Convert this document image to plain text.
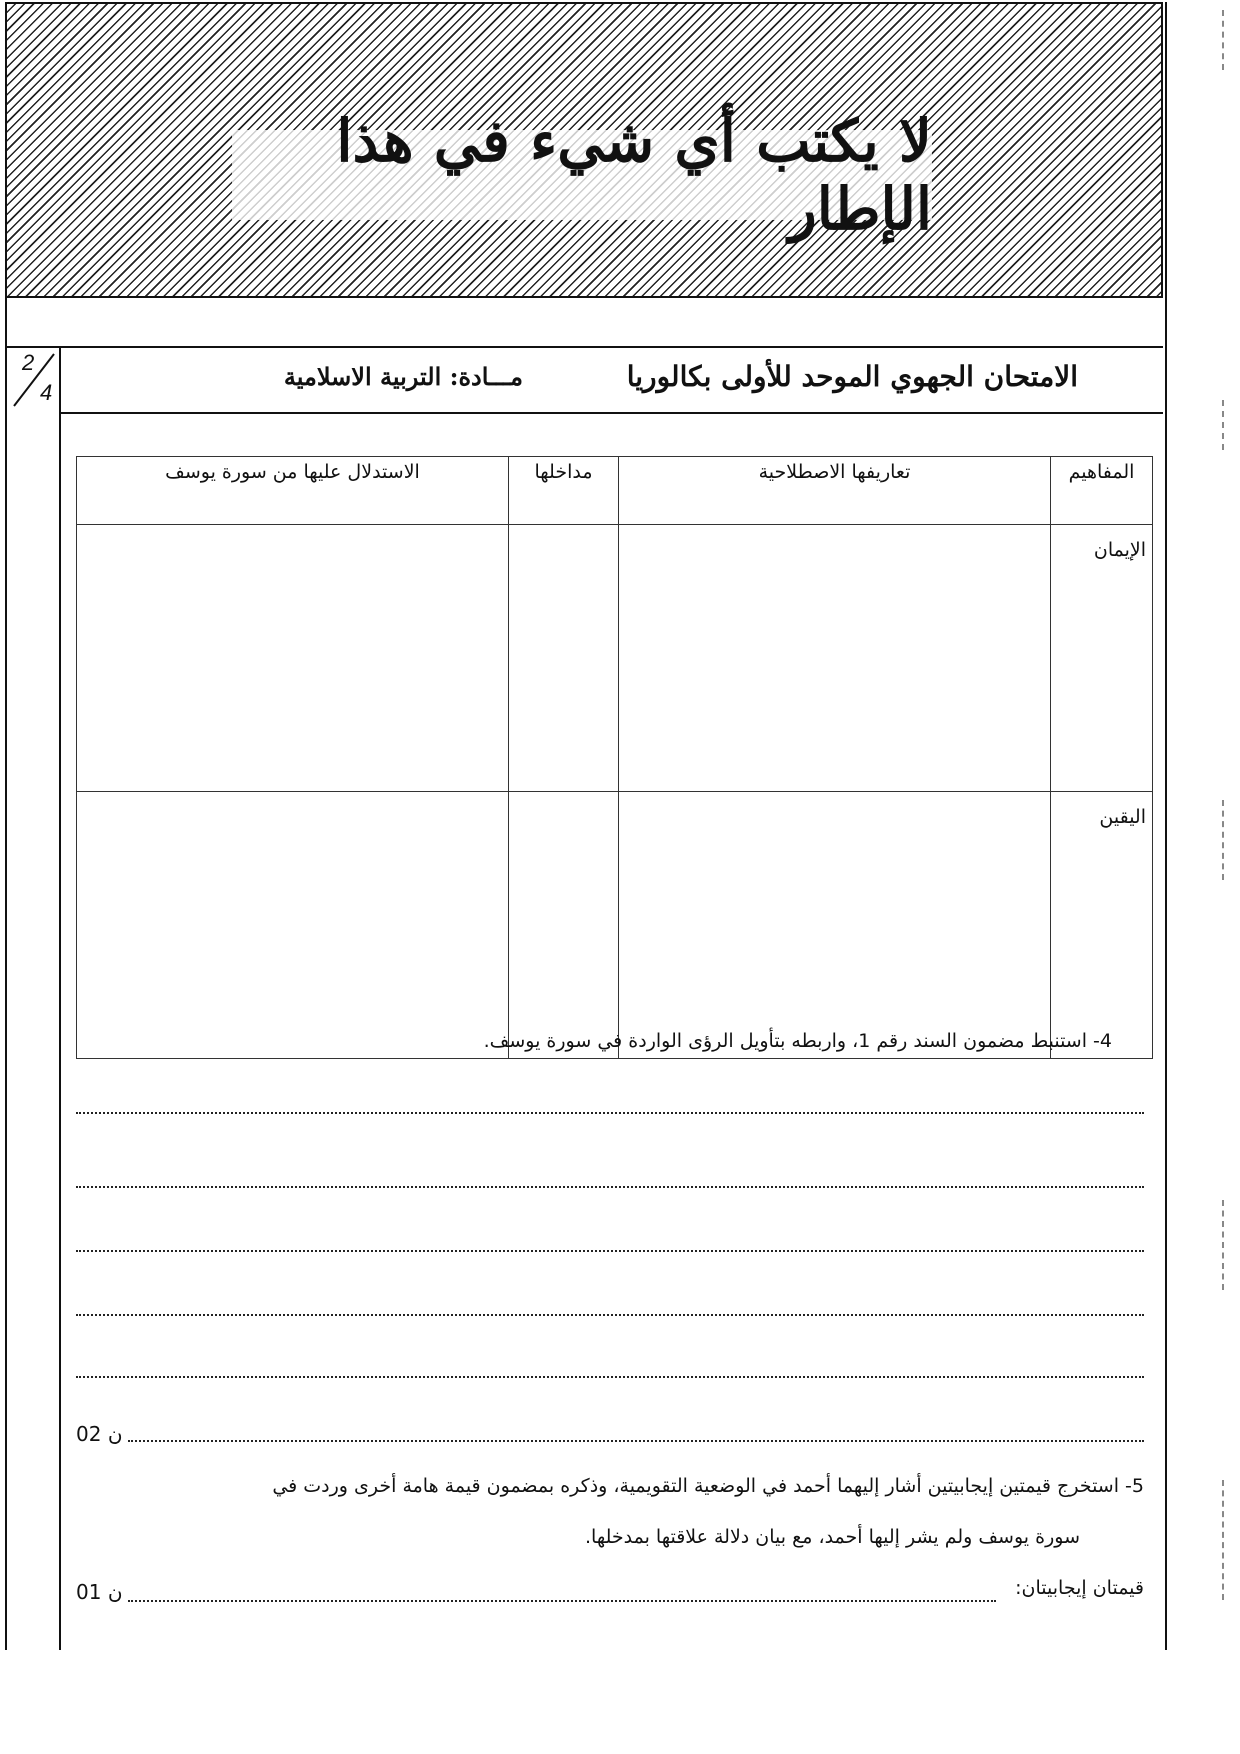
لا يكتب أي شيء في هذا الإطار
2
4	الامتحان الجهوي الموحد للأولى بكالوريا
مـــادة: التربية الاسلامية
المفاهيم	تعاريفها الاصطلاحية	مداخلها	الاستدلال عليها من سورة يوسف
الإيمان			
اليقين			
4- استنبط مضمون السند رقم 1، واربطه بتأويل الرؤى الواردة في سورة يوسف.
02 ن
5- استخرج قيمتين إيجابيتين أشار إليهما أحمد في الوضعية التقويمية، وذكره بمضمون قيمة هامة أخرى وردت في
سورة يوسف ولم يشر إليها أحمد، مع بيان دلالة علاقتها بمدخلها.
قيمتان إيجابيتان:
01 ن
